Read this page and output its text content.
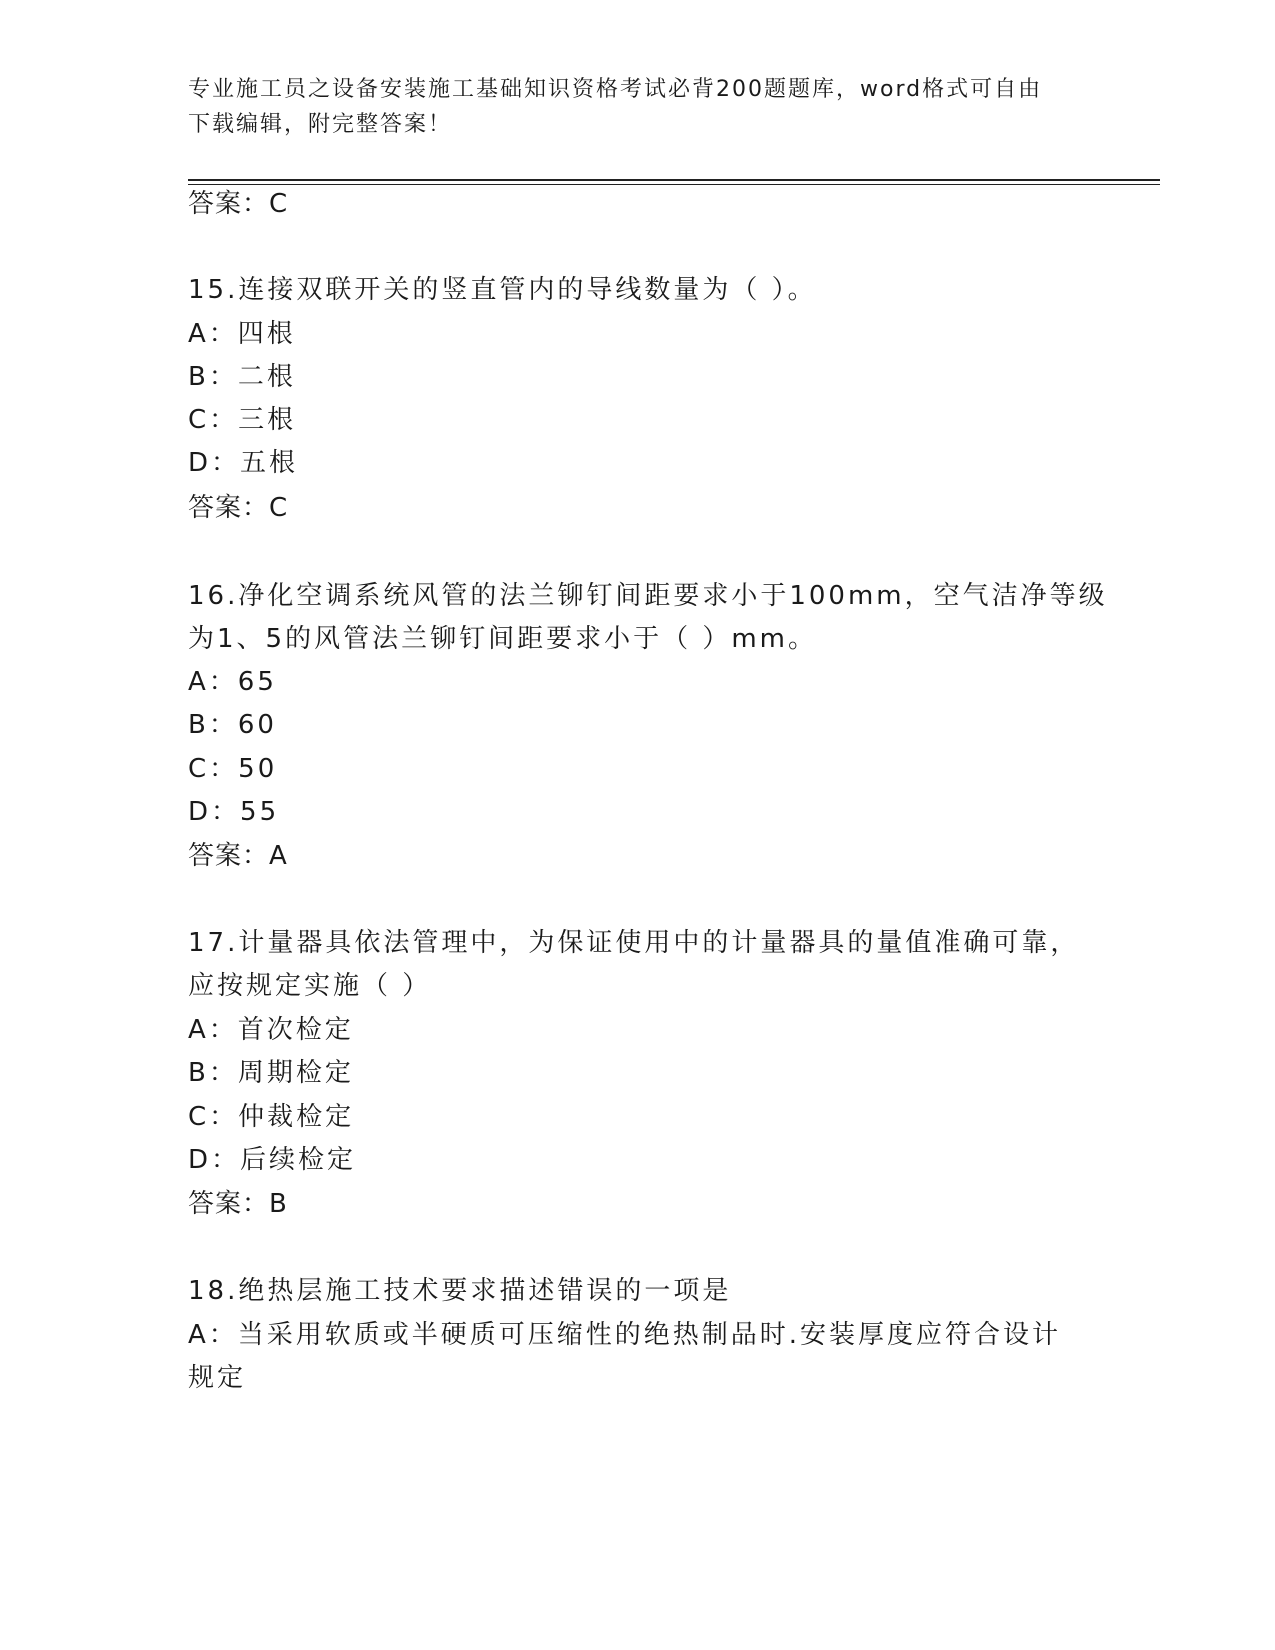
专业施工员之设备安装施工基础知识资格考试必背200题题库，word格式可自由
下载编辑，附完整答案！
答案：C
15.连接双联开关的竖直管内的导线数量为（ ）。
A：四根
B：二根
C：三根
D：五根
答案：C
16.净化空调系统风管的法兰铆钉间距要求小于100mm，空气洁净等级
为1、5的风管法兰铆钉间距要求小于（ ）mm。
A：65
B：60
C：50
D：55
答案：A
17.计量器具依法管理中，为保证使用中的计量器具的量值准确可靠，
应按规定实施（ ）
A：首次检定
B：周期检定
C：仲裁检定
D：后续检定
答案：B
18.绝热层施工技术要求描述错误的一项是
A：当采用软质或半硬质可压缩性的绝热制品时.安装厚度应符合设计
规定
